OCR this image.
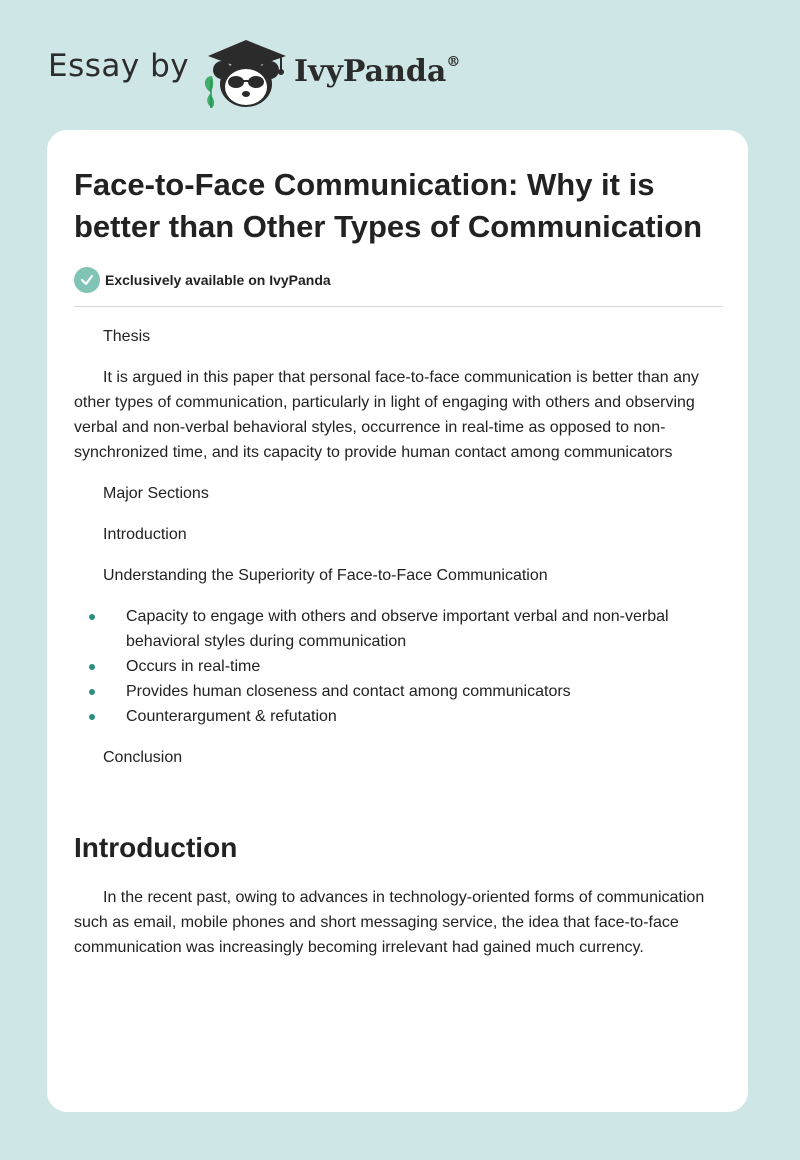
Essay by	IvyPanda®
Face-to-Face Communication: Why it is better than Other Types of Communication
Exclusively available on IvyPanda

Thesis

It is argued in this paper that personal face-to-face communication is better than any other types of communication, particularly in light of engaging with others and observing verbal and non-verbal behavioral styles, occurrence in real-time as opposed to non-synchronized time, and its capacity to provide human contact among communicators

Major Sections

Introduction

Understanding the Superiority of Face-to-Face Communication

Capacity to engage with others and observe important verbal and non-verbal behavioral styles during communication
Occurs in real-time
Provides human closeness and contact among communicators
Counterargument & refutation

Conclusion

Introduction

In the recent past, owing to advances in technology-oriented forms of communication such as email, mobile phones and short messaging service, the idea that face-to-face communication was increasingly becoming irrelevant had gained much currency.
